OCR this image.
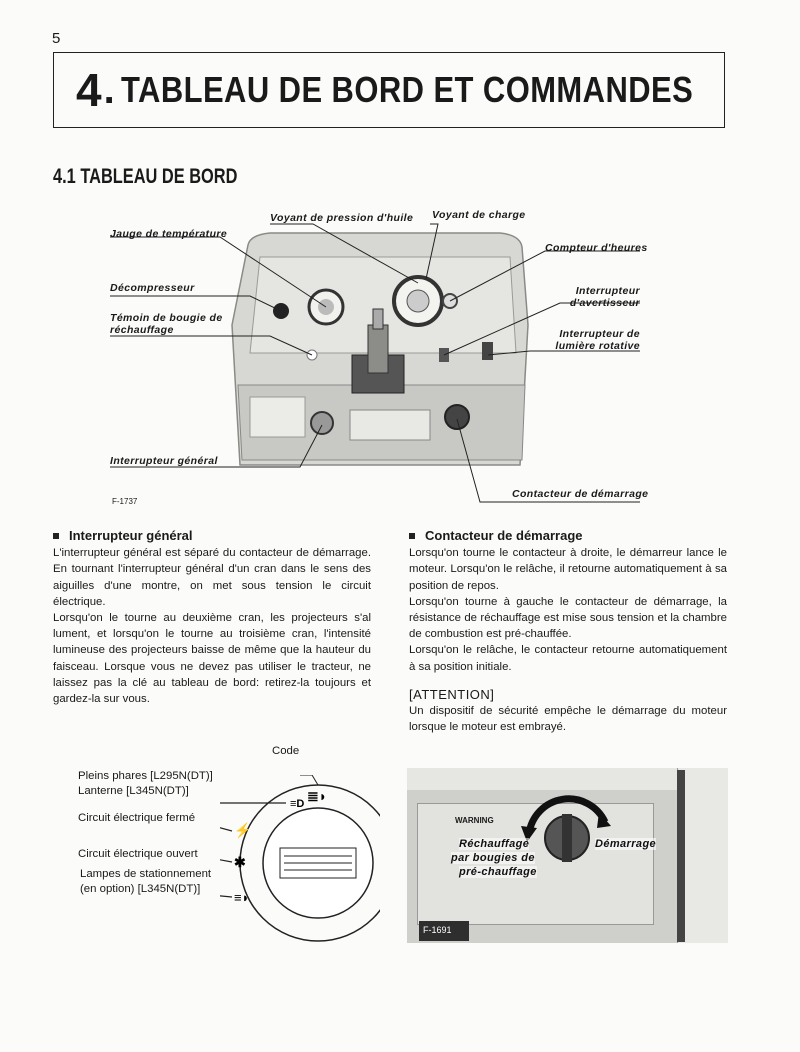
5
4 . TABLEAU DE BORD ET COMMANDES
4.1 TABLEAU DE BORD
Jauge de température
Voyant de pression d'huile Voyant de charge
Compteur d'heures
Décompresseur	Interrupteur
d'avertisseur
Témoin de bougie de
réchauffage	Interrupteur de
lumière rotative
Interrupteur général
Contacteur de démarrage
F-1737
Interrupteur général

L'interrupteur général est séparé du contacteur de démarrage. En tournant l'interrupteur général d'un cran dans le sens des aiguilles d'une montre, on met sous tension le circuit électrique.

Lorsqu'on le tourne au deuxième cran, les projecteurs s'al lument, et lorsqu'on le tourne au troisième cran, l'intensité lumineuse des projecteurs baisse de même que la hauteur du faisceau. Lorsque vous ne devez pas utiliser le tracteur, ne laissez pas la clé au tableau de bord: retirez-la toujours et gardez-la sur vous.

Contacteur de démarrage

Lorsqu'on tourne le contacteur à droite, le démarreur lance le moteur. Lorsqu'on le relâche, il retourne automatiquement à sa position de repos.

Lorsqu'on tourne à gauche le contacteur de démarrage, la résistance de réchauffage est mise sous tension et la chambre de combustion est pré-chauffée.

Lorsqu'on le relâche, le contacteur retourne automatiquement à sa position initiale.

[ATTENTION]

Un dispositif de sécurité empêche le démarrage du moteur lorsque le moteur est embrayé.

≡D ≣◗
⚡
✱
≡◗
Code
Pleins phares [L295N(DT)]
Lanterne [L345N(DT)]
Circuit électrique fermé
Circuit électrique ouvert
Lampes de stationnement
(en option) [L345N(DT)]
WARNING
Réchauffage
par bougies de
pré-chauffage
Démarrage
F-1691
